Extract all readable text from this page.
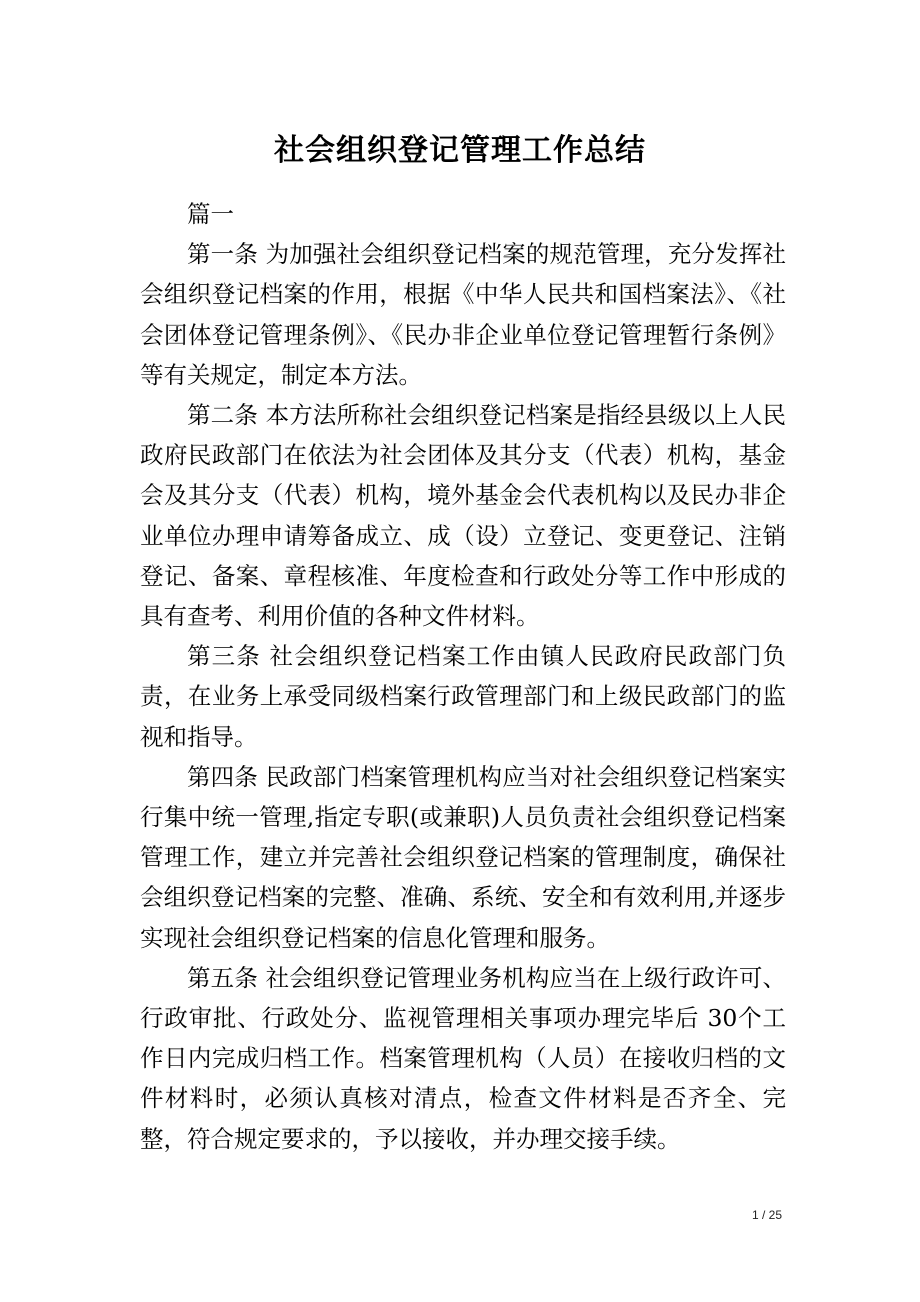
社会组织登记管理工作总结

篇一

第一条 为加强社会组织登记档案的规范管理，充分发挥社会组织登记档案的作用，根据《中华人民共和国档案法》、《社会团体登记管理条例》、《民办非企业单位登记管理暂行条例》等有关规定，制定本方法。

第二条 本方法所称社会组织登记档案是指经县级以上人民政府民政部门在依法为社会团体及其分支（代表）机构，基金会及其分支（代表）机构，境外基金会代表机构以及民办非企业单位办理申请筹备成立、成（设）立登记、变更登记、注销登记、备案、章程核准、年度检查和行政处分等工作中形成的具有查考、利用价值的各种文件材料。

第三条 社会组织登记档案工作由镇人民政府民政部门负责，在业务上承受同级档案行政管理部门和上级民政部门的监视和指导。

第四条 民政部门档案管理机构应当对社会组织登记档案实行集中统一管理,指定专职(或兼职)人员负责社会组织登记档案管理工作，建立并完善社会组织登记档案的管理制度，确保社会组织登记档案的完整、准确、系统、安全和有效利用,并逐步实现社会组织登记档案的信息化管理和服务。

第五条 社会组织登记管理业务机构应当在上级行政许可、行政审批、行政处分、监视管理相关事项办理完毕后 30个工作日内完成归档工作。档案管理机构（人员）在接收归档的文件材料时，必须认真核对清点，检查文件材料是否齐全、完整，符合规定要求的，予以接收，并办理交接手续。

1 / 25
